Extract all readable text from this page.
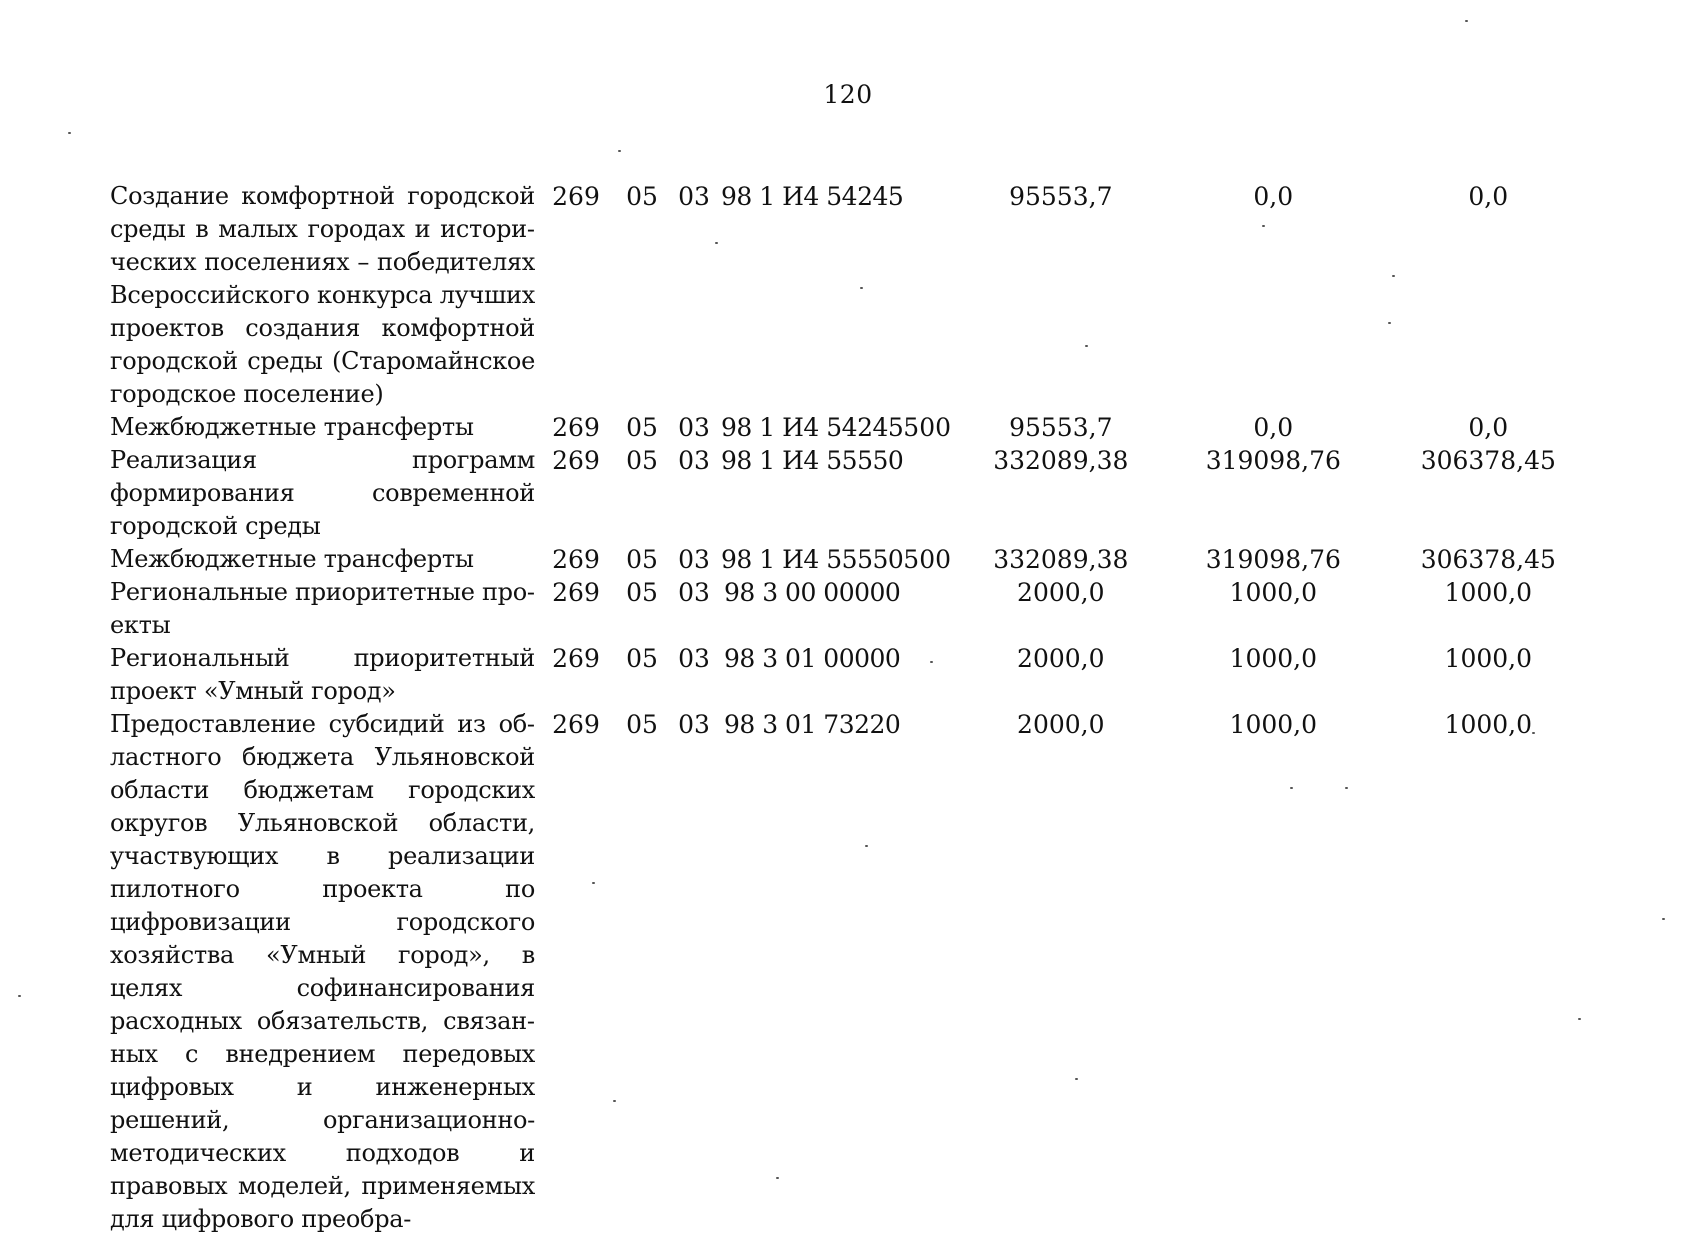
120
Создание комфортной городской среды в малых городах и исторических поселениях – победителях Всероссийского конкурса лучших проектов создания комфортной городской среды (Старомайнское городское поселение)	269	05	03	98 1 И4 54245		95553,7	0,0	0,0
Межбюджетные трансферты	269	05	03	98 1 И4 54245	500	95553,7	0,0	0,0
Реализация программ формирования современной городской среды	269	05	03	98 1 И4 55550		332089,38	319098,76	306378,45
Межбюджетные трансферты	269	05	03	98 1 И4 55550	500	332089,38	319098,76	306378,45
Региональные приоритетные проекты	269	05	03	98 3 00 00000		2000,0	1000,0	1000,0
Региональный приоритетный проект «Умный город»	269	05	03	98 3 01 00000		2000,0	1000,0	1000,0
Предоставление субсидий из областного бюджета Ульяновской области бюджетам городских округов Ульяновской области, участвующих в реализации пилотного проекта по цифровизации городского хозяйства «Умный город», в целях софинансирования расходных обязательств, связанных с внедрением передовых цифровых и инженерных решений, организационно-методических подходов и правовых моделей, применяемых для цифрового преобра-	269	05	03	98 3 01 73220		2000,0	1000,0	1000,0
